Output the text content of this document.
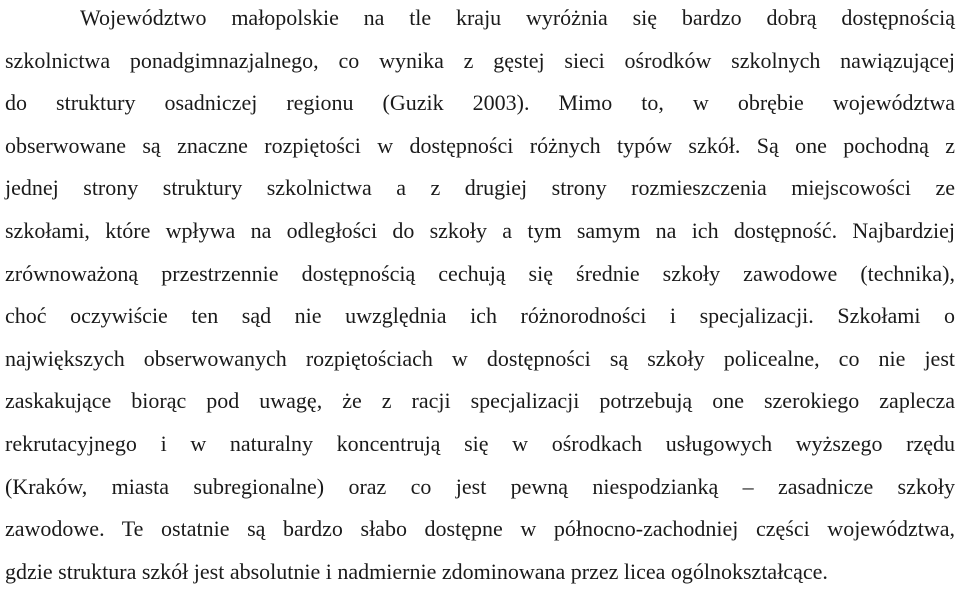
Województwo małopolskie na tle kraju wyróżnia się bardzo dobrą dostępnością
szkolnictwa ponadgimnazjalnego, co wynika z gęstej sieci ośrodków szkolnych nawiązującej
do struktury osadniczej regionu (Guzik 2003). Mimo to, w obrębie województwa
obserwowane są znaczne rozpiętości w dostępności różnych typów szkół. Są one pochodną z
jednej strony struktury szkolnictwa a z drugiej strony rozmieszczenia miejscowości ze
szkołami, które wpływa na odległości do szkoły a tym samym na ich dostępność. Najbardziej
zrównoważoną przestrzennie dostępnością cechują się średnie szkoły zawodowe (technika),
choć oczywiście ten sąd nie uwzględnia ich różnorodności i specjalizacji. Szkołami o
największych obserwowanych rozpiętościach w dostępności są szkoły policealne, co nie jest
zaskakujące biorąc pod uwagę, że z racji specjalizacji potrzebują one szerokiego zaplecza
rekrutacyjnego i w naturalny koncentrują się w ośrodkach usługowych wyższego rzędu
(Kraków, miasta subregionalne) oraz co jest pewną niespodzianką – zasadnicze szkoły
zawodowe. Te ostatnie są bardzo słabo dostępne w północno-zachodniej części województwa,
gdzie struktura szkół jest absolutnie i nadmiernie zdominowana przez licea ogólnokształcące.
